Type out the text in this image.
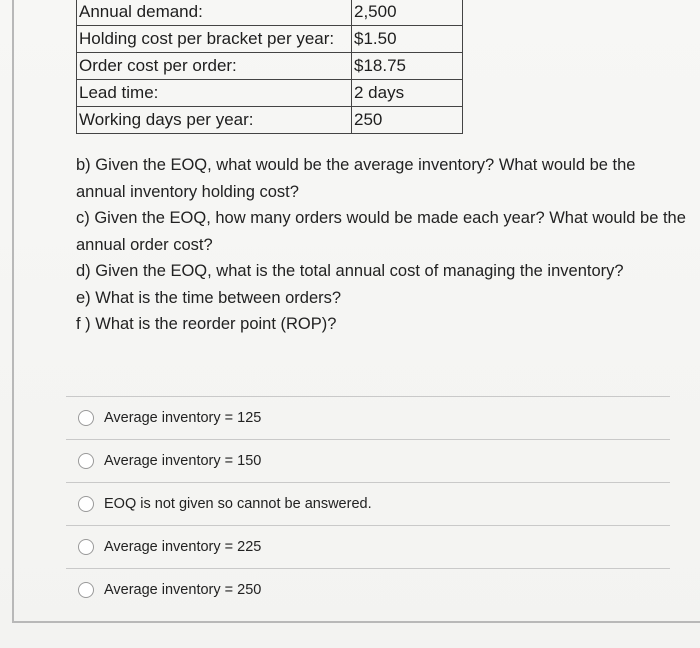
Annual demand:	2,500
Holding cost per bracket per year:	$1.50
Order cost per order:	$18.75
Lead time:	2 days
Working days per year:	250

b) Given the EOQ, what would be the average inventory? What would be the annual inventory holding cost?

c) Given the EOQ, how many orders would be made each year? What would be the annual order cost?

d) Given the EOQ, what is the total annual cost of managing the inventory?

e) What is the time between orders?

f ) What is the reorder point (ROP)?

Average inventory = 125
Average inventory = 150
EOQ is not given so cannot be answered.
Average inventory = 225
Average inventory = 250
